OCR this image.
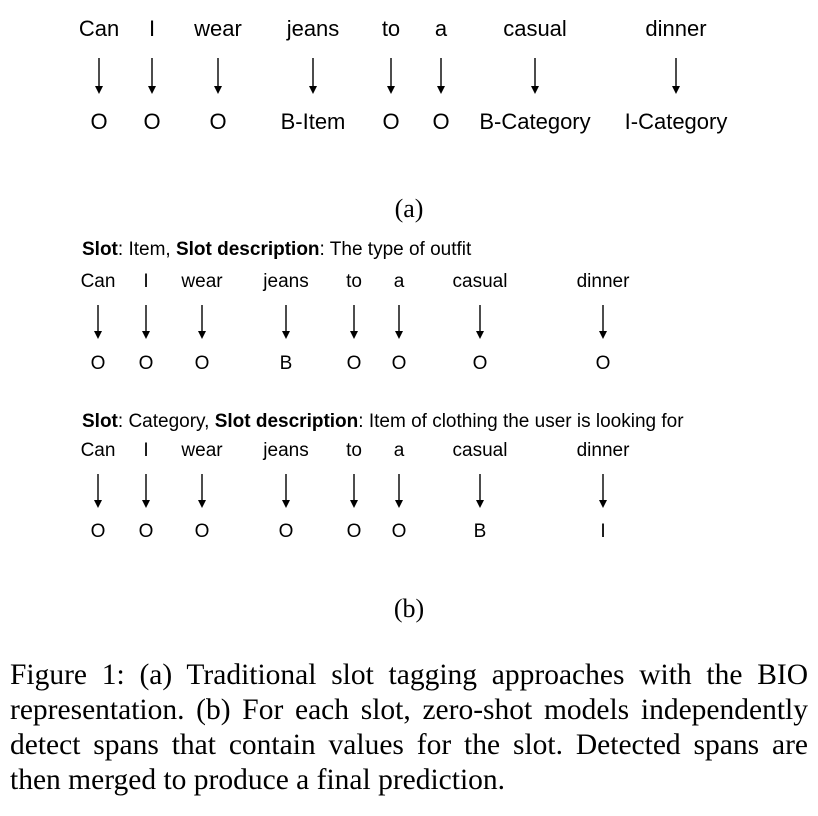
(a)
Slot: Item, Slot description: The type of outfit
Slot: Category, Slot description: Item of clothing the user is looking for
(b)
Figure 1: (a) Traditional slot tagging approaches with the BIO representation. (b) For each slot, zero-shot models independently detect spans that contain values for the slot. Detected spans are then merged to produce a final prediction.
Can
O
I
O
wear
O
jeans
B-Item
to
O
a
O
casual
B-Category
dinner
I-Category
Can
O
I
O
wear
O
jeans
B
to
O
a
O
casual
O
dinner
O
Can
O
I
O
wear
O
jeans
O
to
O
a
O
casual
B
dinner
I
